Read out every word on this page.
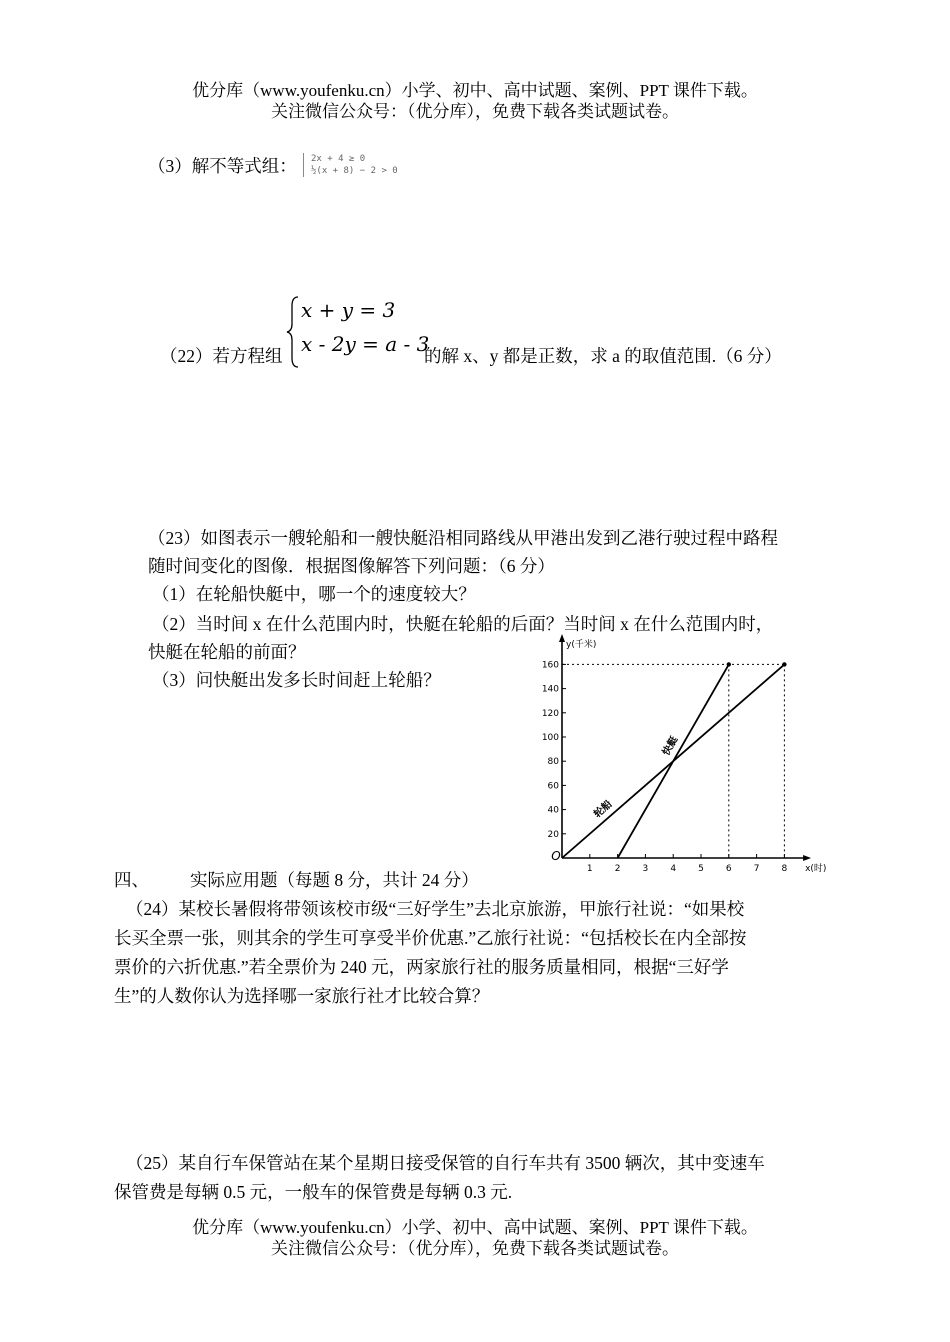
优分库（www.youfenku.cn）小学、初中、高中试题、案例、PPT 课件下载。
关注微信公众号：（优分库），免费下载各类试题试卷。
（3）解不等式组： 2x + 4 ≥ 0
½(x + 8) − 2 > 0
（22）若方程组
x + y = 3
x - 2y = a - 3
的解 x、y 都是正数，求 a 的取值范围.（6 分）
（23）如图表示一艘轮船和一艘快艇沿相同路线从甲港出发到乙港行驶过程中路程
随时间变化的图像．根据图像解答下列问题：（6 分）
（1）在轮船快艇中，哪一个的速度较大？
（2）当时间 x 在什么范围内时，快艇在轮船的后面？当时间 x 在什么范围内时，
快艇在轮船的前面？
（3）问快艇出发多长时间赶上轮船？
1 2 3 4 5 6 7 8
20
40
60
80
100
120
140
160
O
y(千米)
x(时)
轮船
快艇
四、 实际应用题（每题 8 分，共计 24 分）
（24）某校长暑假将带领该校市级“三好学生”去北京旅游，甲旅行社说：“如果校
长买全票一张，则其余的学生可享受半价优惠.”乙旅行社说：“包括校长在内全部按
票价的六折优惠.”若全票价为 240 元，两家旅行社的服务质量相同，根据“三好学
生”的人数你认为选择哪一家旅行社才比较合算？
（25）某自行车保管站在某个星期日接受保管的自行车共有 3500 辆次，其中变速车
保管费是每辆 0.5 元，一般车的保管费是每辆 0.3 元.
优分库（www.youfenku.cn）小学、初中、高中试题、案例、PPT 课件下载。
关注微信公众号：（优分库），免费下载各类试题试卷。
